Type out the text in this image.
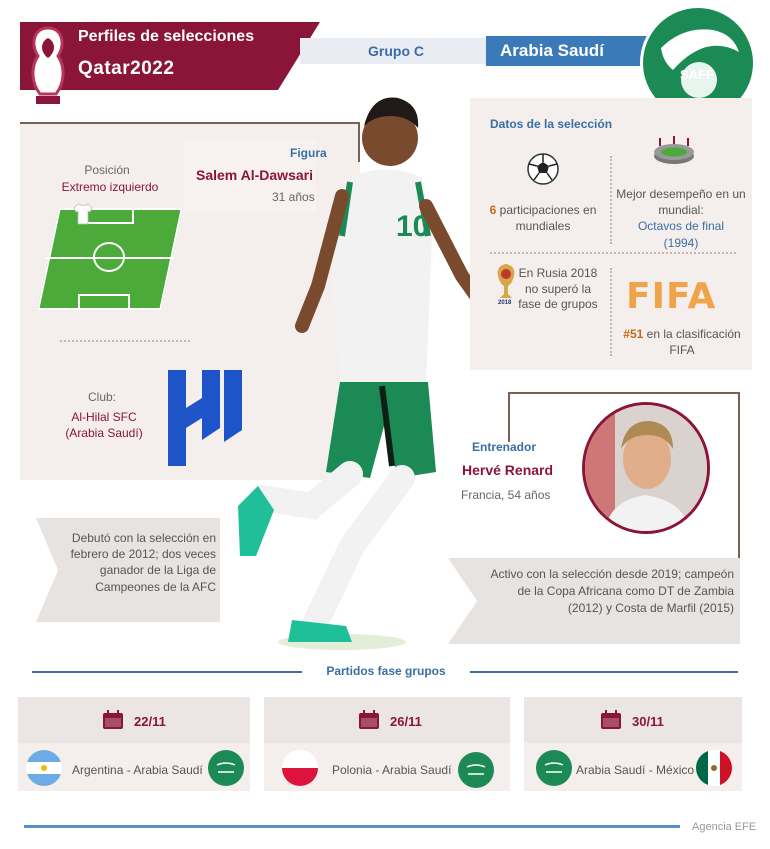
Perfiles de selecciones
Qatar2022
Grupo C	Arabia Saudí
SAFF
Posición
Extremo izquierdo
Club:
Al-Hilal SFC
(Arabia Saudí)
Figura
Salem Al-Dawsari
31 años
Debutó con la selección en febrero de 2012; dos veces ganador de la Liga de Campeones de la AFC
10
Datos de la selección
6 participaciones en mundiales
Mejor desempeño en un mundial:
Octavos de final
(1994)
2018
En Rusia 2018 no superó la fase de grupos FIFA
#51 en la clasificación FIFA
Entrenador
Hervé Renard
Francia, 54 años
Activo con la selección desde 2019; campeón de la Copa Africana como DT de Zambia (2012) y Costa de Marfil (2015)
Partidos fase grupos
22/11
Argentina - Arabia Saudí
26/11
Polonia - Arabia Saudí
30/11
Arabia Saudí - México
Agencia EFE
